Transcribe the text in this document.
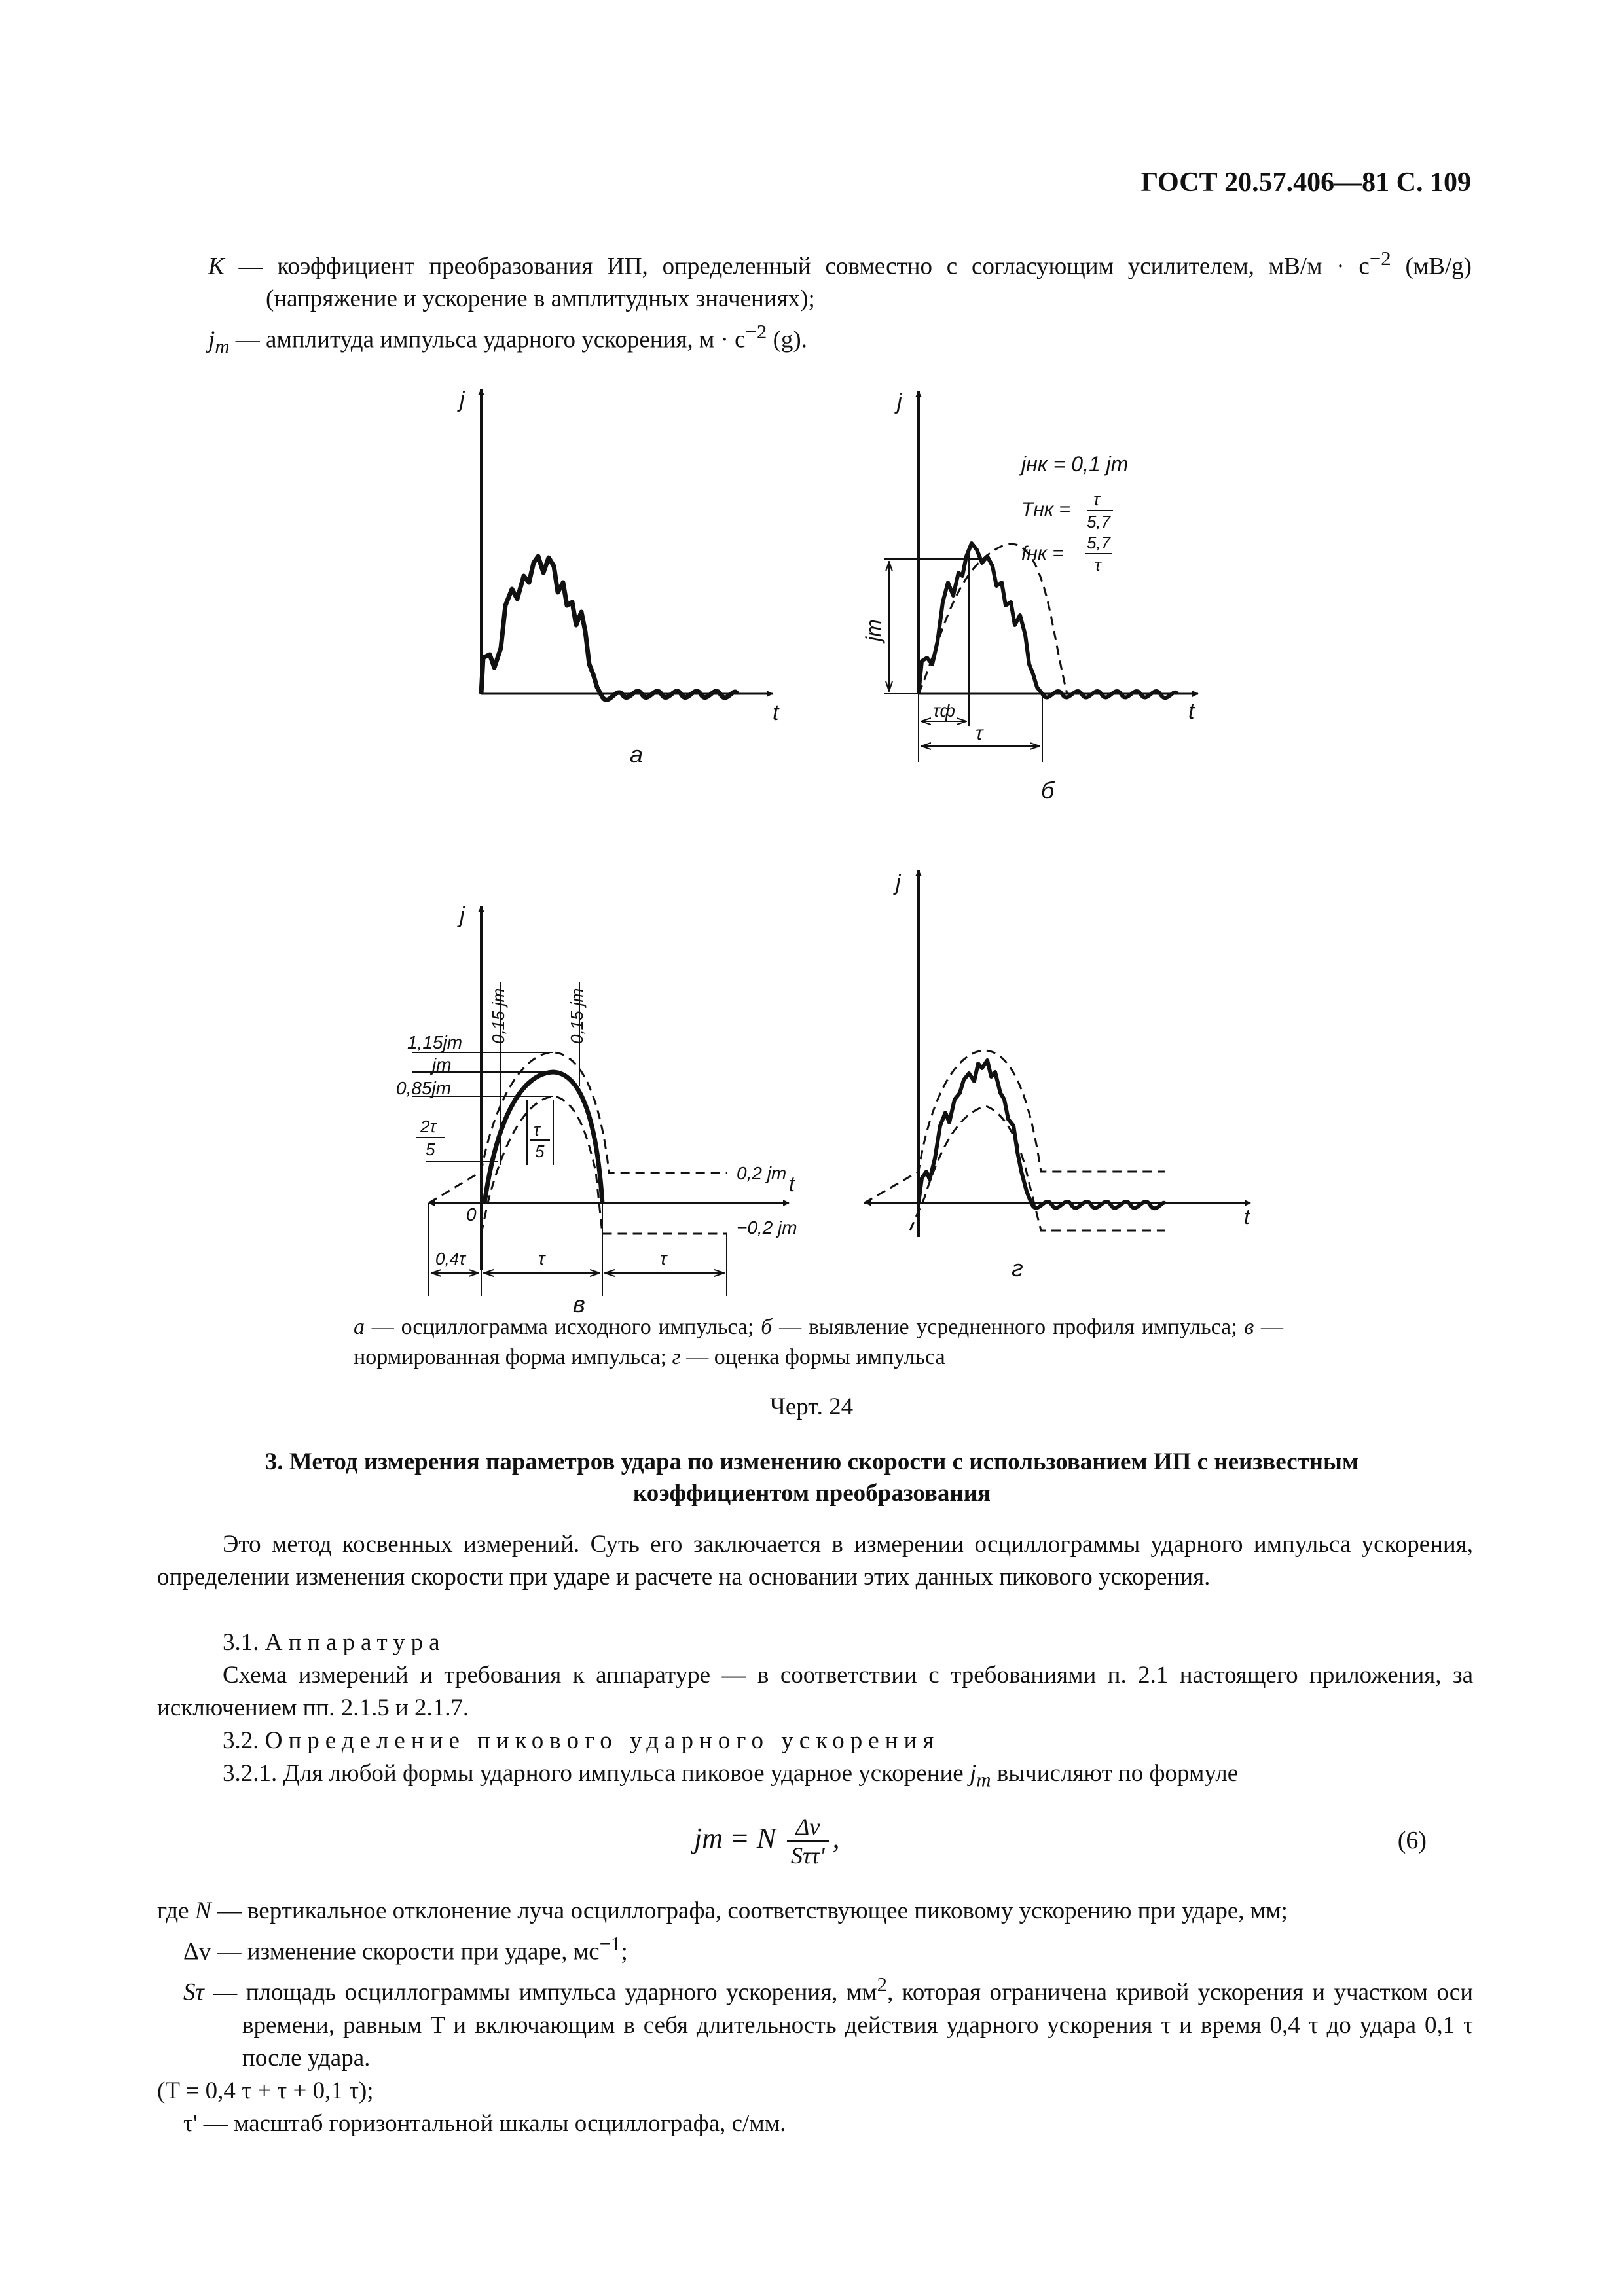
ГОСТ 20.57.406—81 С. 109
K — коэффициент преобразования ИП, определенный совместно с согласующим усилителем, $мВ/м \cdot с^{-2}$ (мВ/g) (напряжение и ускорение в амплитудных значениях);
$j_m$ — амплитуда импульса ударного ускорения, $м \cdot с^{-2}$ (g).
j
t
а
j
t
jm
τф
τ
jнк = 0,1 jm
Tнк = τ
5,7
fнк = 5,7
τ
б
j
t
0
1,15jm
jm
0,85jm
2τ
5
τ
5
0,15 jm	0,15 jm
0,2 jm
−0,2 jm
0,4τ	τ	τ
в
j
t
г
а — осциллограмма исходного импульса; б — выявление усредненного профиля импульса; в — нормированная форма импульса; г — оценка формы импульса
Черт. 24
3. Метод измерения параметров удара по изменению скорости с использованием ИП с неизвестным коэффициентом преобразования
Это метод косвенных измерений. Суть его заключается в измерении осциллограммы ударного импульса ускорения, определении изменения скорости при ударе и расчете на основании этих данных пикового ускорения.
3.1. Аппаратура
Схема измерений и требования к аппаратуре — в соответствии с требованиями п. 2.1 настоящего приложения, за исключением пп. 2.1.5 и 2.1.7.
3.2. Определение пикового ударного ускорения
3.2.1. Для любой формы ударного импульса пиковое ударное ускорение $j_m$ вычисляют по формуле
jm = N $\frac{\Delta v}{\text{Sττ'}}$ ,	(6)
где N — вертикальное отклонение луча осциллографа, соответствующее пиковому ускорению при ударе, мм;
Δv — изменение скорости при ударе, $мс^{-1}$;
Sτ — площадь осциллограммы импульса ударного ускорения, $мм^2$, которая ограничена кривой ускорения и участком оси времени, равным T и включающим в себя длительность действия ударного ускорения τ и время 0,4 τ до удара 0,1 τ после удара.
(T = 0,4 τ + τ + 0,1 τ);
τ' — масштаб горизонтальной шкалы осциллографа, с/мм.
